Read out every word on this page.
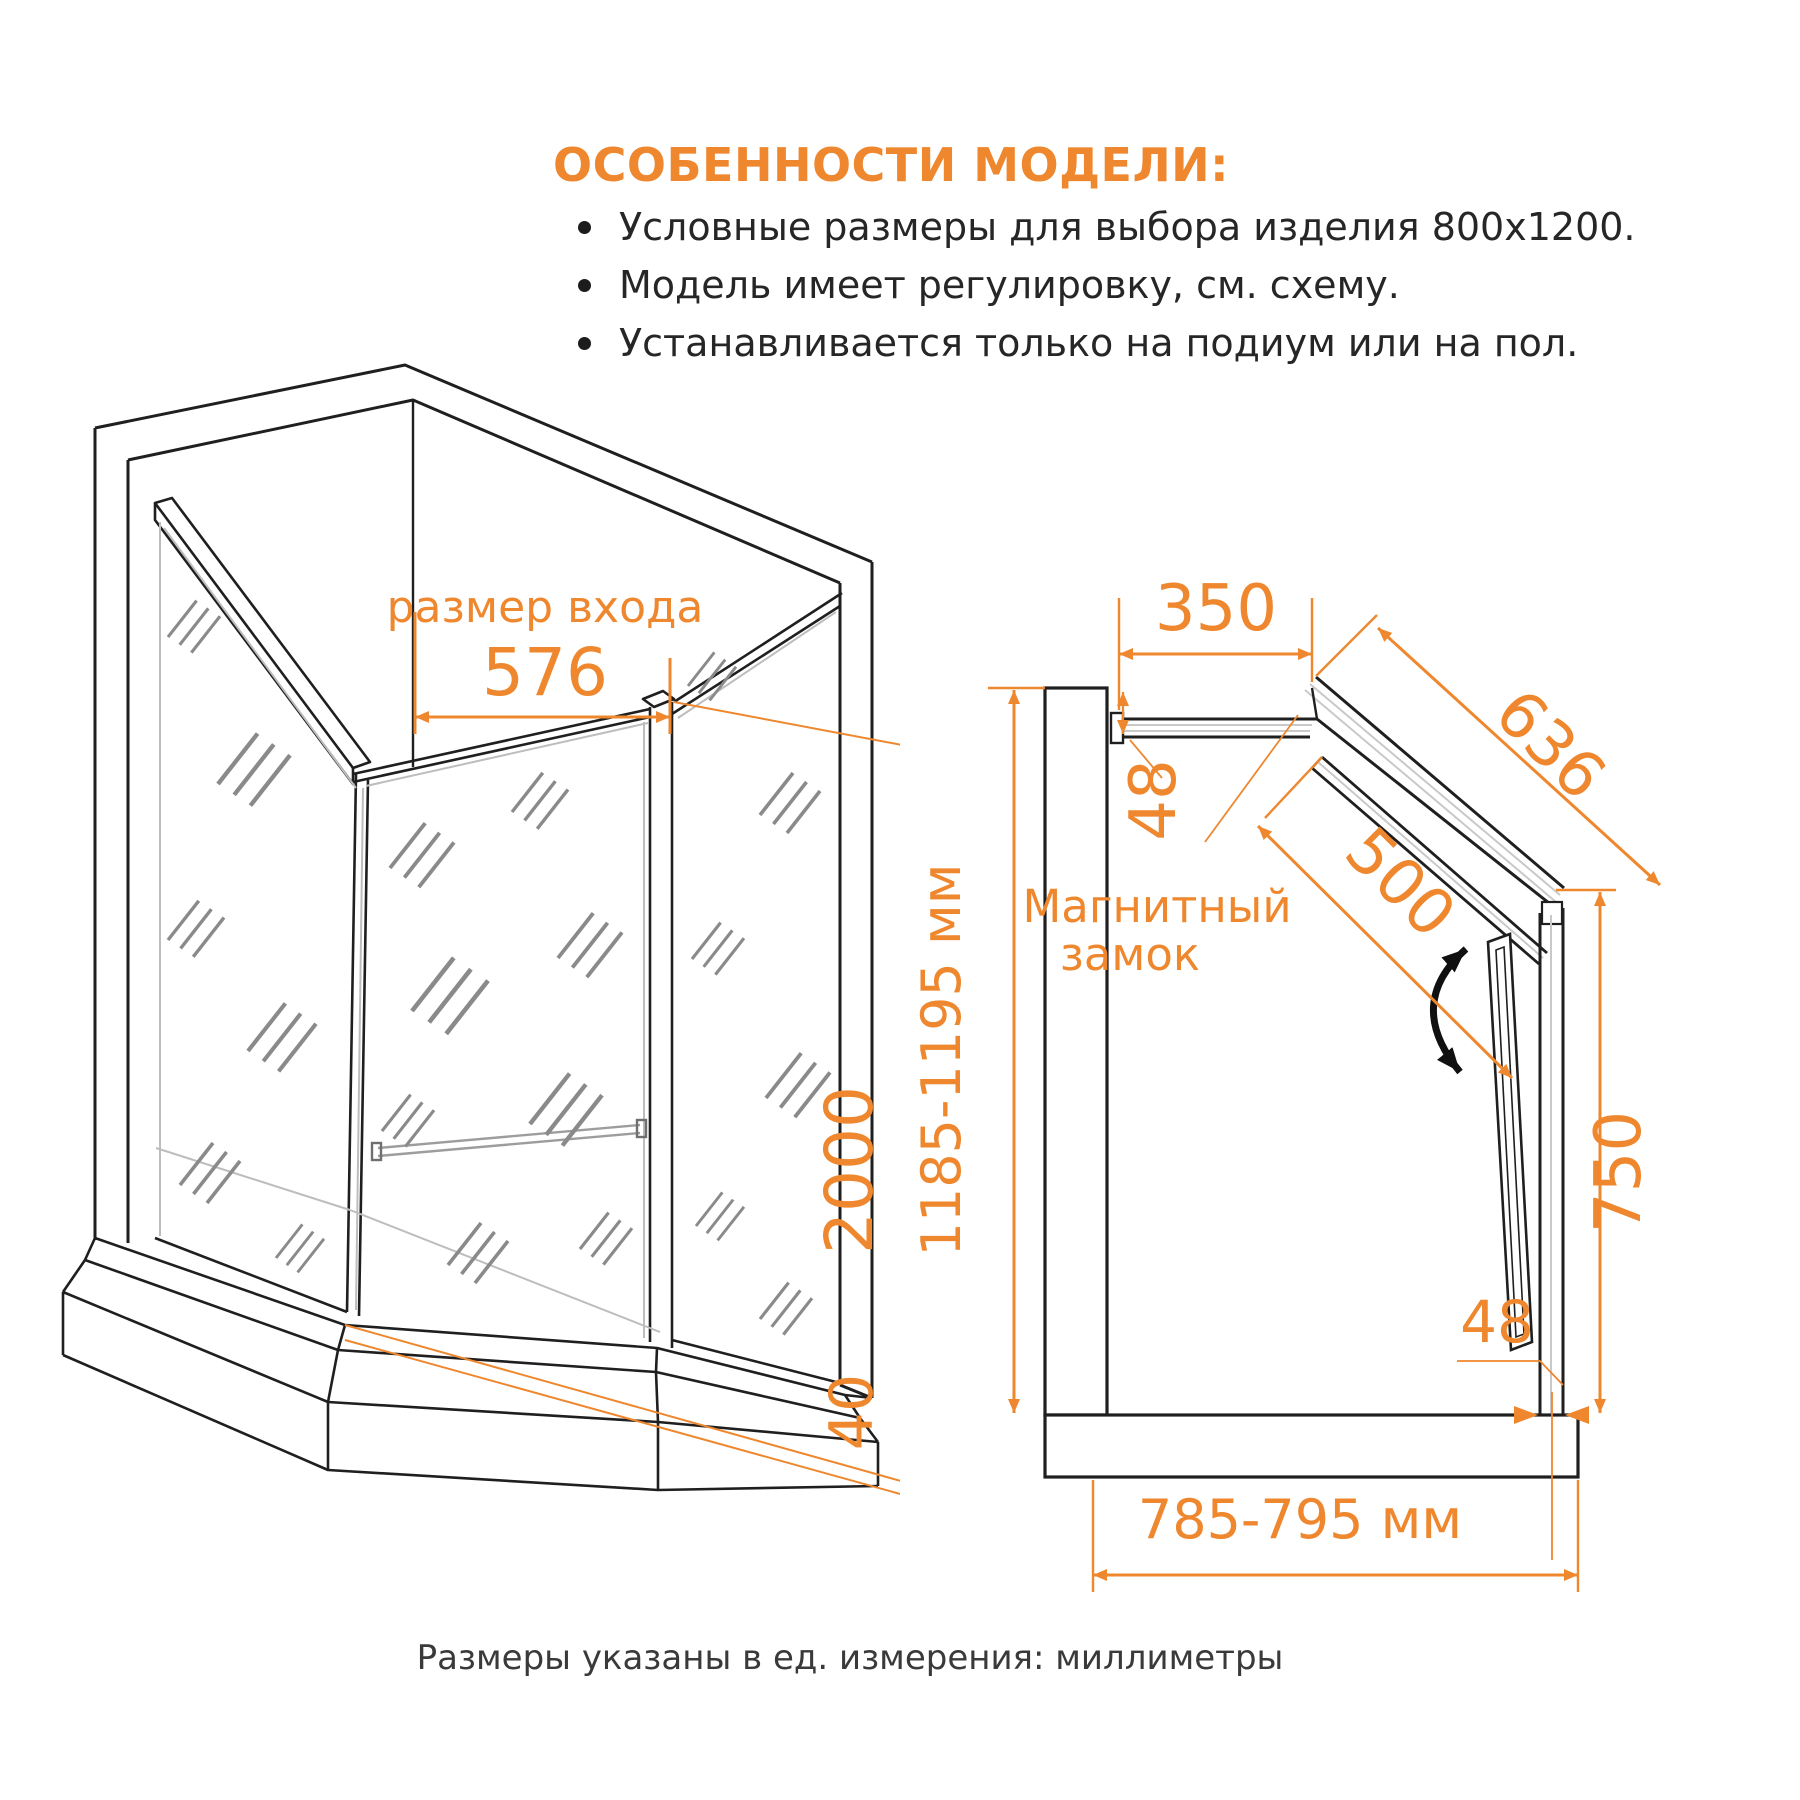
ОСОБЕННОСТИ МОДЕЛИ:
Условные размеры для выбора изделия 800x1200.
Модель имеет регулировку, см. схему.
Устанавливается только на подиум или на пол.
размер входа
576
2000
40
350
48
1185-1195 мм
636
500
Магнитный
замок
750
48
785-795 мм
Размеры указаны в ед. измерения: миллиметры
